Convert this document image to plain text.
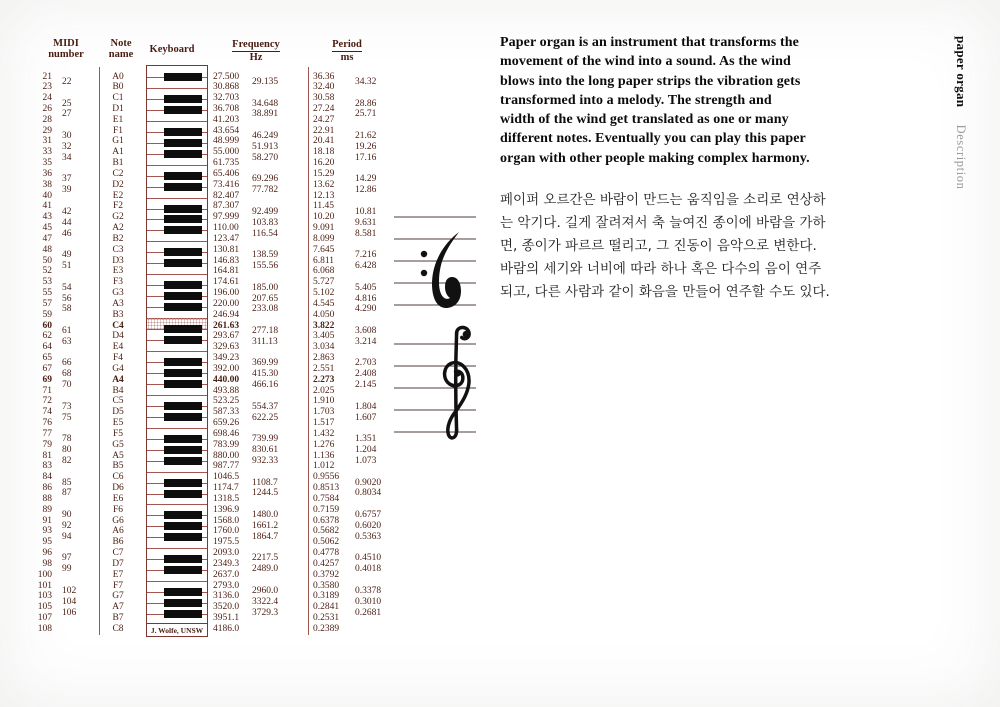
MIDI
number
Note
name	Keyboard	Frequency
Hz
Period
ms
J. Wolfe, UNSW
21
23
24
26
28
29
31
33
35
36
38
40
41
43
45
47
48
50
52
53
55
57
59
60
62
64
65
67
69
71
72
74
76
77
79
81
83
84
86
88
89
91
93
95
96
98
100
101
103
105
107
108
22
25
27
30
32
34
37
39
42
44
46
49
51
54
56
58
61
63
66
68
70
73
75
78
80
82
85
87
90
92
94
97
99
102
104
106
A0
B0
C1
D1
E1
F1
G1
A1
B1
C2
D2
E2
F2
G2
A2
B2
C3
D3
E3
F3
G3
A3
B3
C4
D4
E4
F4
G4
A4
B4
C5
D5
E5
F5
G5
A5
B5
C6
D6
E6
F6
G6
A6
B6
C7
D7
E7
F7
G7
A7
B7
C8
27.500
30.868
32.703
36.708
41.203
43.654
48.999
55.000
61.735
65.406
73.416
82.407
87.307
97.999
110.00
123.47
130.81
146.83
164.81
174.61
196.00
220.00
246.94
261.63
293.67
329.63
349.23
392.00
440.00
493.88
523.25
587.33
659.26
698.46
783.99
880.00
987.77
1046.5
1174.7
1318.5
1396.9
1568.0
1760.0
1975.5
2093.0
2349.3
2637.0
2793.0
3136.0
3520.0
3951.1
4186.0
29.135
34.648
38.891
46.249
51.913
58.270
69.296
77.782
92.499
103.83
116.54
138.59
155.56
185.00
207.65
233.08
277.18
311.13
369.99
415.30
466.16
554.37
622.25
739.99
830.61
932.33
1108.7
1244.5
1480.0
1661.2
1864.7
2217.5
2489.0
2960.0
3322.4
3729.3
36.36
32.40
30.58
27.24
24.27
22.91
20.41
18.18
16.20
15.29
13.62
12.13
11.45
10.20
9.091
8.099
7.645
6.811
6.068
5.727
5.102
4.545
4.050
3.822
3.405
3.034
2.863
2.551
2.273
2.025
1.910
1.703
1.517
1.432
1.276
1.136
1.012
0.9556
0.8513
0.7584
0.7159
0.6378
0.5682
0.5062
0.4778
0.4257
0.3792
0.3580
0.3189
0.2841
0.2531
0.2389
34.32
28.86
25.71
21.62
19.26
17.16
14.29
12.86
10.81
9.631
8.581
7.216
6.428
5.405
4.816
4.290
3.608
3.214
2.703
2.408
2.145
1.804
1.607
1.351
1.204
1.073
0.9020
0.8034
0.6757
0.6020
0.5363
0.4510
0.4018
0.3378
0.3010
0.2681
Paper organ is an instrument that transforms the
movement of the wind into a sound. As the wind
blows into the long paper strips the vibration gets
transformed into a melody. The strength and
width of the wind get translated as one or many
different notes. Eventually you can play this paper
organ with other people making complex harmony.
페이퍼 오르간은 바람이 만드는 움직임을 소리로 연상하
는 악기다. 길게 잘려져서 축 늘여진 종이에 바람을 가하
면, 종이가 파르르 떨리고, 그 진동이 음악으로 변한다.
바람의 세기와 너비에 따라 하나 혹은 다수의 음이 연주
되고, 다른 사람과 같이 화음을 만들어 연주할 수도 있다.
paper organ Description
